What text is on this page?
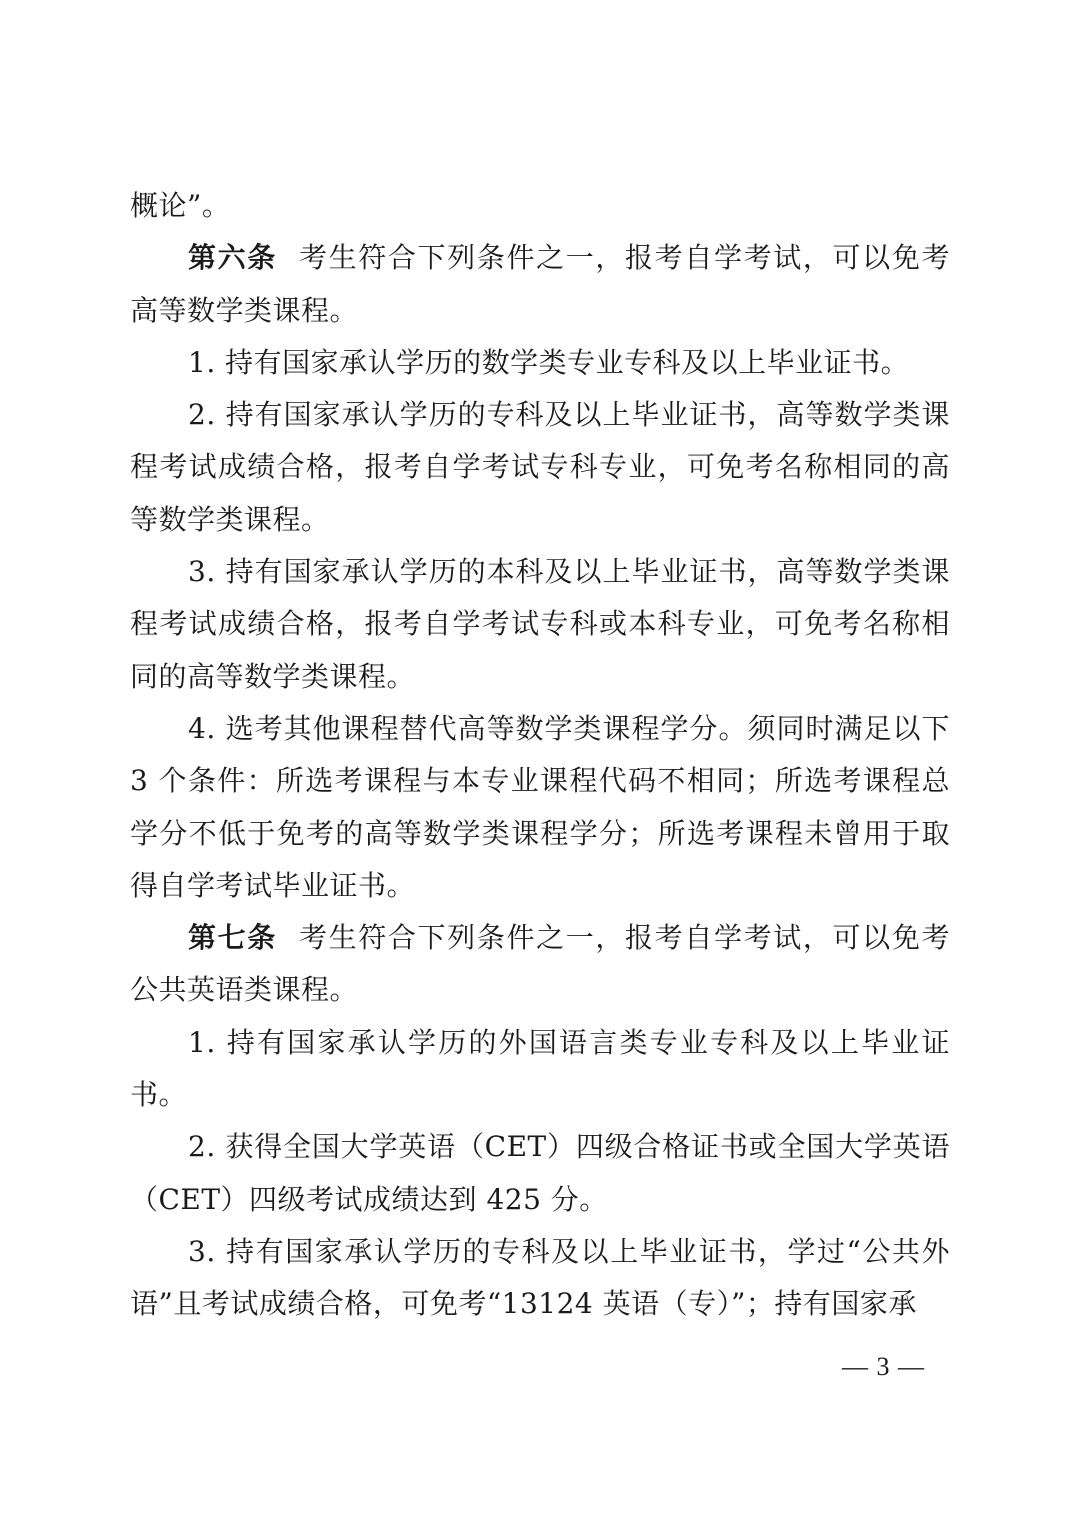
概论”。

第六条 考生符合下列条件之一，报考自学考试，可以免考高等数学类课程。

1. 持有国家承认学历的数学类专业专科及以上毕业证书。

2. 持有国家承认学历的专科及以上毕业证书，高等数学类课程考试成绩合格，报考自学考试专科专业，可免考名称相同的高等数学类课程。

3. 持有国家承认学历的本科及以上毕业证书，高等数学类课程考试成绩合格，报考自学考试专科或本科专业，可免考名称相同的高等数学类课程。

4. 选考其他课程替代高等数学类课程学分。须同时满足以下 3 个条件：所选考课程与本专业课程代码不相同；所选考课程总学分不低于免考的高等数学类课程学分；所选考课程未曾用于取得自学考试毕业证书。

第七条 考生符合下列条件之一，报考自学考试，可以免考公共英语类课程。

1. 持有国家承认学历的外国语言类专业专科及以上毕业证书。

2. 获得全国大学英语（CET）四级合格证书或全国大学英语（CET）四级考试成绩达到 425 分。

3. 持有国家承认学历的专科及以上毕业证书，学过“公共外语”且考试成绩合格，可免考“13124 英语（专）”；持有国家承

— 3 —
